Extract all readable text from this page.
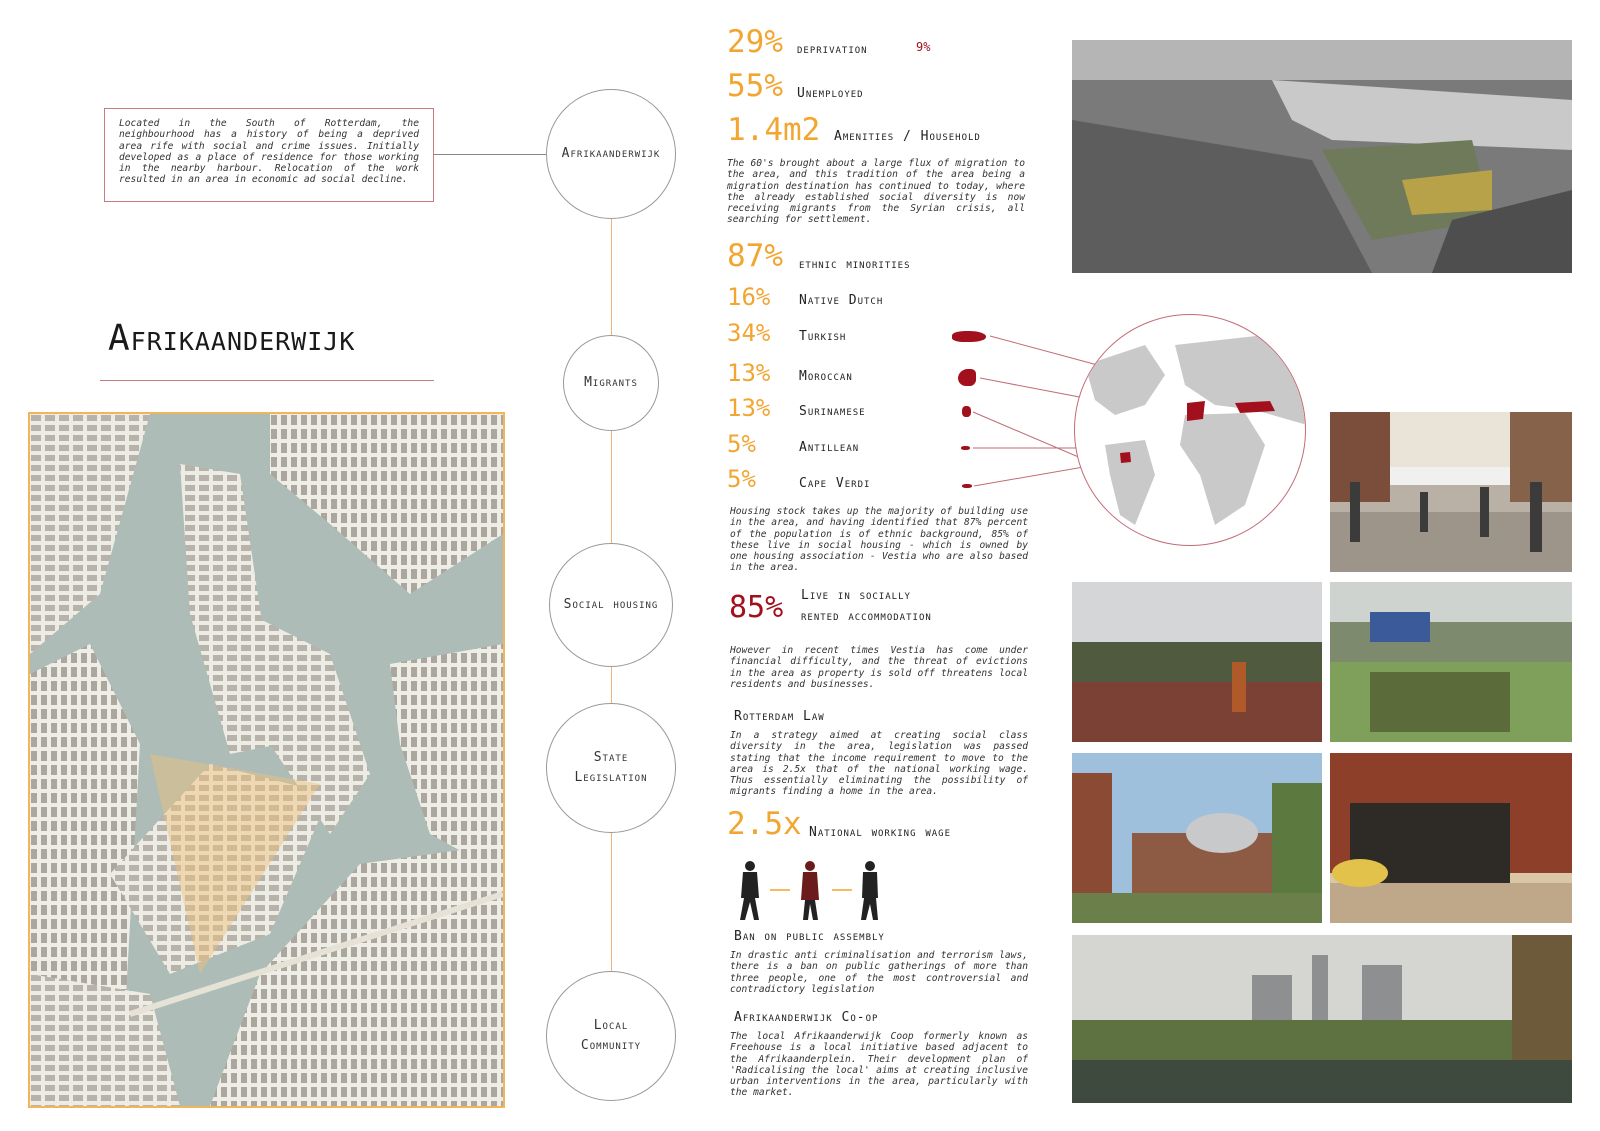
Located in the South of Rotterdam, the neighbourhood has a history of being a deprived area rife with social and crime issues. Initially developed as a place of residence for those working in the nearby harbour. Relocation of the work resulted in an area in economic ad social decline.
Afrikaanderwijk
Afrikaanderwijk
Migrants
Social housing
State
Legislation
Local
Community
29% deprivation	9%
55% Unemployed
1.4m2 Amenities / Household
The 60's brought about a large flux of migration to the area, and this tradition of the area being a migration destination has continued to today, where the already established social diversity is now receiving migrants from the Syrian crisis, all searching for settlement.
87% ethnic minorities
16% Native Dutch
34% Turkish
13% Moroccan
13% Surinamese
5%	Antillean
5%	Cape Verdi
Housing stock takes up the majority of building use in the area, and having identified that 87% percent of the population is of ethnic background, 85% of these live in social housing - which is owned by one housing association - Vestia who are also based in the area.
85% Live in socially
rented accommodation
However in recent times Vestia has come under financial difficulty, and the threat of evictions in the area as property is sold off threatens local residents and businesses.
Rotterdam Law
In a strategy aimed at creating social class diversity in the area, legislation was passed stating that the income requirement to move to the area is 2.5x that of the national working wage. Thus essentially eliminating the possibility of migrants finding a home in the area.
2.5x National working wage
Ban on public assembly
In drastic anti criminalisation and terrorism laws, there is a ban on public gatherings of more than three people, one of the most controversial and contradictory legislation
Afrikaanderwijk Co-op
The local Afrikaanderwijk Coop formerly known as Freehouse is a local initiative based adjacent to the Afrikaanderplein. Their development plan of 'Radicalising the local' aims at creating inclusive urban interventions in the area, particularly with the market.
